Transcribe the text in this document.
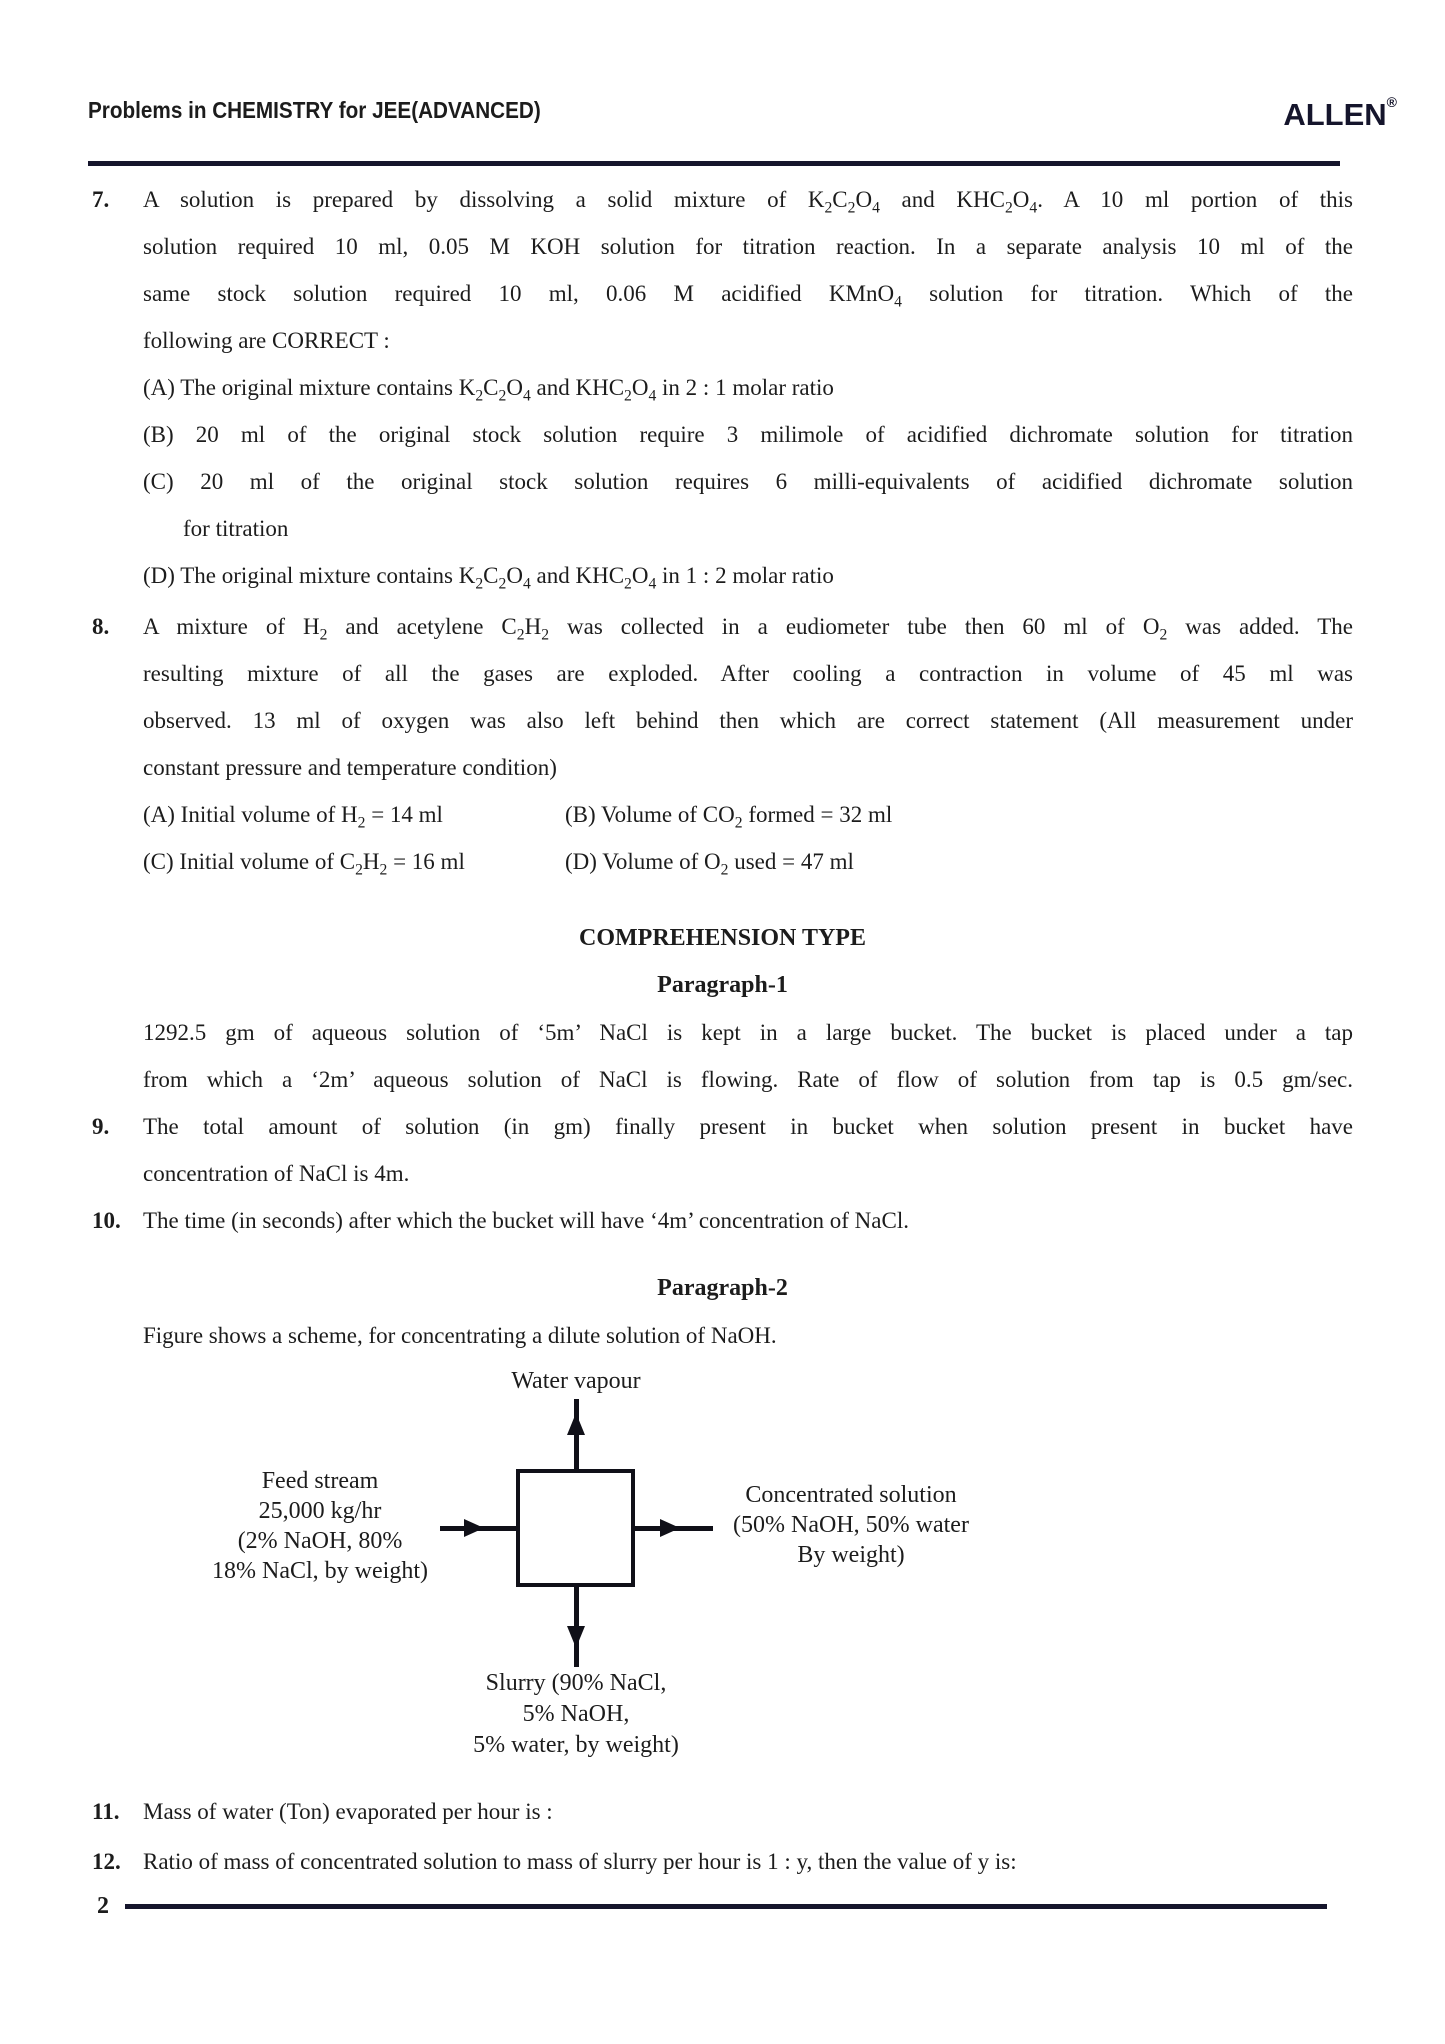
Problems in CHEMISTRY for JEE(ADVANCED)	ALLEN®
7.	A solution is prepared by dissolving a solid mixture of $K_2C_2O_4$ and $KHC_2O_4$. A 10 ml portion of this
solution required 10 ml, 0.05 M KOH solution for titration reaction. In a separate analysis 10 ml of the
same stock solution required 10 ml, 0.06 M acidified KMnO$_4$ solution for titration. Which of the
following are CORRECT :
(A) The original mixture contains $K_2C_2O_4$ and $KHC_2O_4$ in 2 : 1 molar ratio
(B) 20 ml of the original stock solution require 3 milimole of acidified dichromate solution for titration
(C) 20 ml of the original stock solution requires 6 milli-equivalents of acidified dichromate solution
for titration
(D) The original mixture contains $K_2C_2O_4$ and $KHC_2O_4$ in 1 : 2 molar ratio
8.	A mixture of $H_2$ and acetylene $C_2H_2$ was collected in a eudiometer tube then 60 ml of $O_2$ was added. The
resulting mixture of all the gases are exploded. After cooling a contraction in volume of 45 ml was
observed. 13 ml of oxygen was also left behind then which are correct statement (All measurement under
constant pressure and temperature condition)
(A) Initial volume of $H_2 = 14$ ml	(B) Volume of $CO_2$ formed = 32 ml
(C) Initial volume of $C_2H_2 = 16$ ml	(D) Volume of $O_2$ used = 47 ml
COMPREHENSION TYPE
Paragraph-1
1292.5 gm of aqueous solution of ‘5m’ NaCl is kept in a large bucket. The bucket is placed under a tap
from which a ‘2m’ aqueous solution of NaCl is flowing. Rate of flow of solution from tap is 0.5 gm/sec.
9.	The total amount of solution (in gm) finally present in bucket when solution present in bucket have
concentration of NaCl is 4m.
10. The time (in seconds) after which the bucket will have ‘4m’ concentration of NaCl.
Paragraph-2
Figure shows a scheme, for concentrating a dilute solution of NaOH.
Water vapour
Feed stream
25,000 kg/hr
(2% NaOH, 80%
18% NaCl, by weight)
Concentrated solution
(50% NaOH, 50% water
By weight)
Slurry (90% NaCl,
5% NaOH,
5% water, by weight)
11.	Mass of water (Ton) evaporated per hour is :
12. Ratio of mass of concentrated solution to mass of slurry per hour is 1 : y, then the value of y is:
2
